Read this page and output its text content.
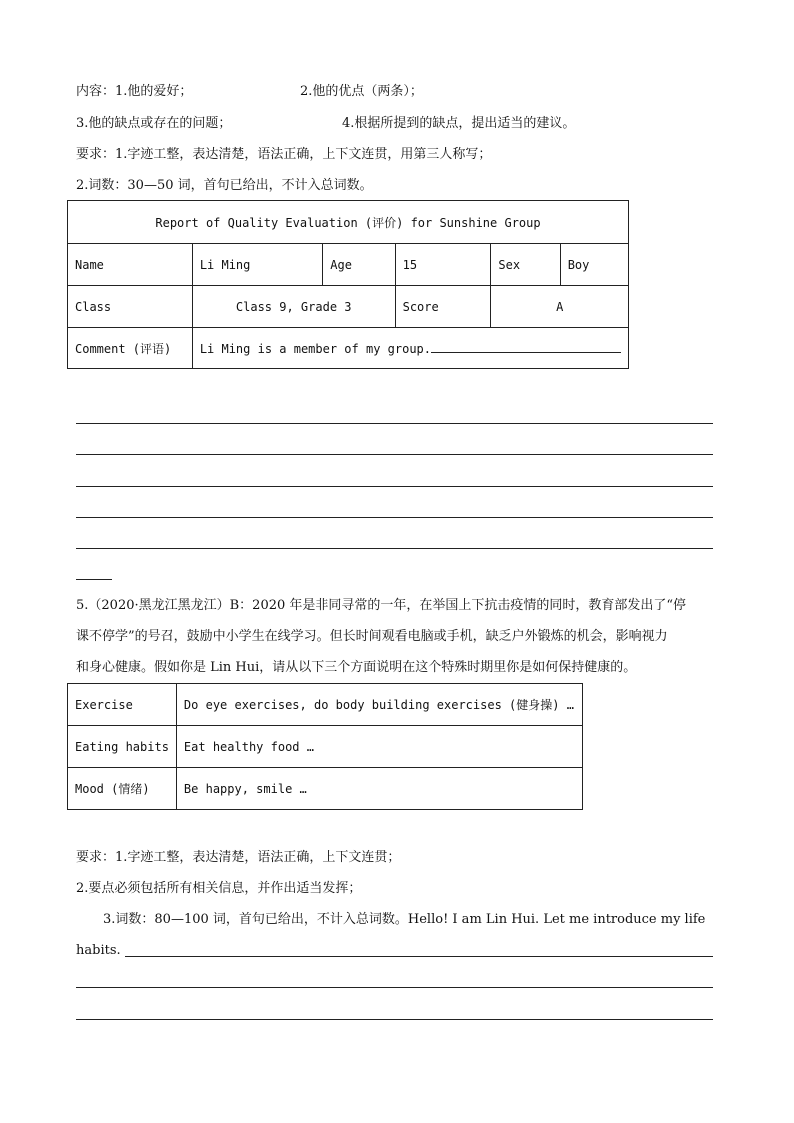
内容：1.他的爱好；	2.他的优点（两条）；
3.他的缺点或存在的问题；	4.根据所提到的缺点，提出适当的建议。
要求：1.字迹工整，表达清楚，语法正确，上下文连贯，用第三人称写；
2.词数：30—50 词，首句已给出，不计入总词数。
Report of Quality Evaluation (评价) for Sunshine Group					
Name	Li Ming	Age	15	Sex	Boy
Class	Class 9, Grade 3		Score	A	
Comment (评语)	Li Ming is a member of my group.				
5.（2020·黑龙江黑龙江）B：2020 年是非同寻常的一年，在举国上下抗击疫情的同时，教育部发出了“停
课不停学”的号召，鼓励中小学生在线学习。但长时间观看电脑或手机，缺乏户外锻炼的机会，影响视力
和身心健康。假如你是 Lin Hui，请从以下三个方面说明在这个特殊时期里你是如何保持健康的。
Exercise	Do eye exercises, do body building exercises (健身操) …
Eating habits	Eat healthy food …
Mood (情绪)	Be happy, smile …
要求：1.字迹工整，表达清楚，语法正确，上下文连贯；
2.要点必须包括所有相关信息，并作出适当发挥；
3.词数：80—100 词，首句已给出，不计入总词数。Hello! I am Lin Hui. Let me introduce my life
habits.
